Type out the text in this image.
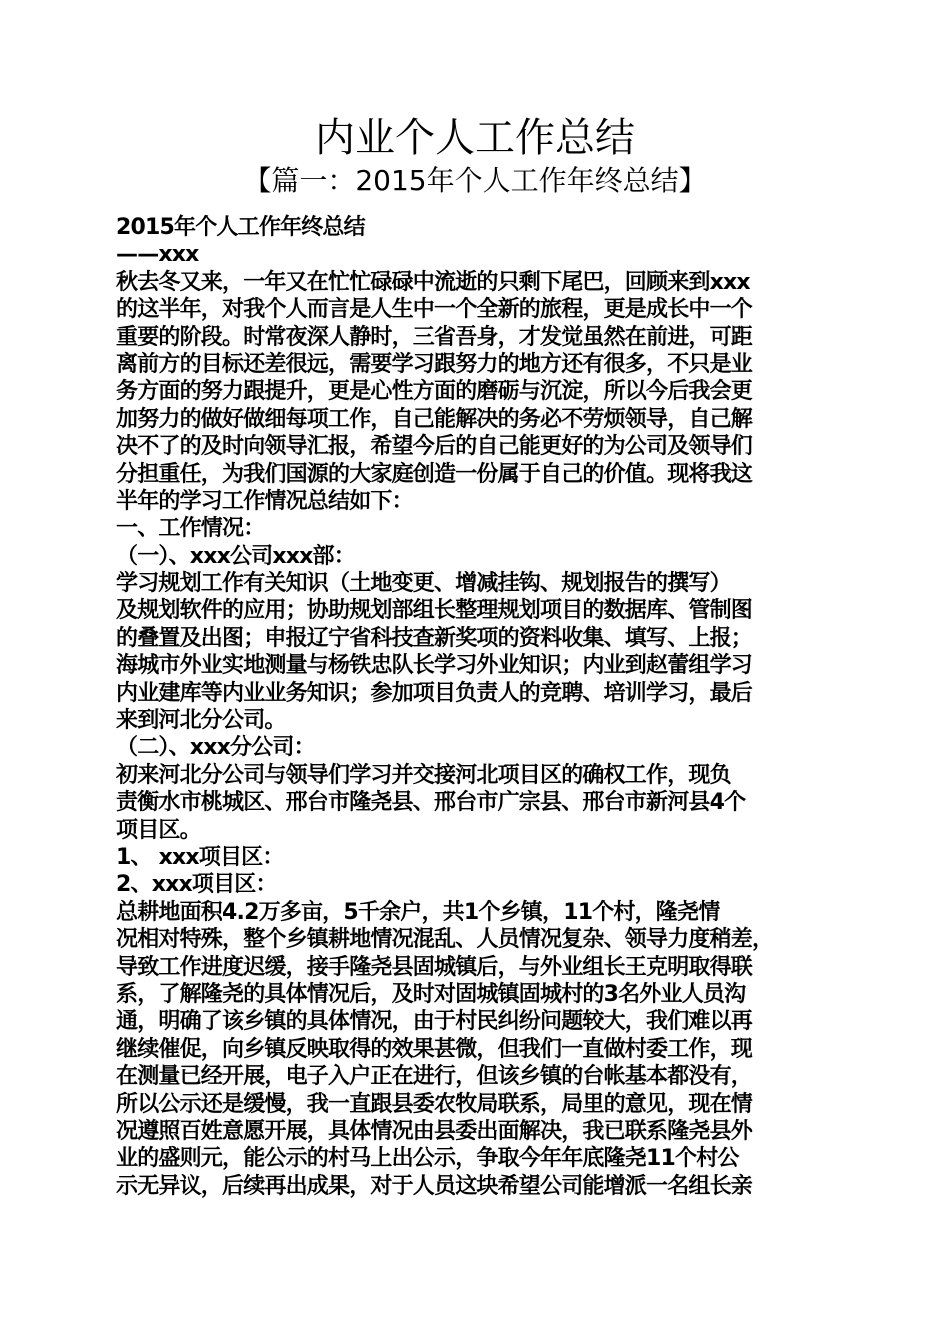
内业个人工作总结
【篇一：2015年个人工作年终总结】
2015年个人工作年终总结
——xxx
秋去冬又来，一年又在忙忙碌碌中流逝的只剩下尾巴，回顾来到xxx
的这半年，对我个人而言是人生中一个全新的旅程，更是成长中一个
重要的阶段。时常夜深人静时，三省吾身，才发觉虽然在前进，可距
离前方的目标还差很远，需要学习跟努力的地方还有很多，不只是业
务方面的努力跟提升，更是心性方面的磨砺与沉淀，所以今后我会更
加努力的做好做细每项工作，自己能解决的务必不劳烦领导，自己解
决不了的及时向领导汇报，希望今后的自己能更好的为公司及领导们
分担重任，为我们国源的大家庭创造一份属于自己的价值。现将我这
半年的学习工作情况总结如下：
一、工作情况：
（一）、xxx公司xxx部：
学习规划工作有关知识（土地变更、增减挂钩、规划报告的撰写）
及规划软件的应用；协助规划部组长整理规划项目的数据库、管制图
的叠置及出图；申报辽宁省科技查新奖项的资料收集、填写、上报；
海城市外业实地测量与杨铁忠队长学习外业知识；内业到赵蕾组学习
内业建库等内业业务知识；参加项目负责人的竞聘、培训学习，最后
来到河北分公司。
（二）、xxx分公司：
初来河北分公司与领导们学习并交接河北项目区的确权工作，现负
责衡水市桃城区、邢台市隆尧县、邢台市广宗县、邢台市新河县4个
项目区。
1、 xxx项目区：
2、xxx项目区：
总耕地面积4.2万多亩，5千余户，共1个乡镇，11个村，隆尧情
况相对特殊，整个乡镇耕地情况混乱、人员情况复杂、领导力度稍差，
导致工作进度迟缓，接手隆尧县固城镇后，与外业组长王克明取得联
系，了解隆尧的具体情况后，及时对固城镇固城村的3名外业人员沟
通，明确了该乡镇的具体情况，由于村民纠纷问题较大，我们难以再
继续催促，向乡镇反映取得的效果甚微，但我们一直做村委工作，现
在测量已经开展，电子入户正在进行，但该乡镇的台帐基本都没有，
所以公示还是缓慢，我一直跟县委农牧局联系，局里的意见，现在情
况遵照百姓意愿开展，具体情况由县委出面解决，我已联系隆尧县外
业的盛则元，能公示的村马上出公示，争取今年年底隆尧11个村公
示无异议，后续再出成果，对于人员这块希望公司能增派一名组长亲
